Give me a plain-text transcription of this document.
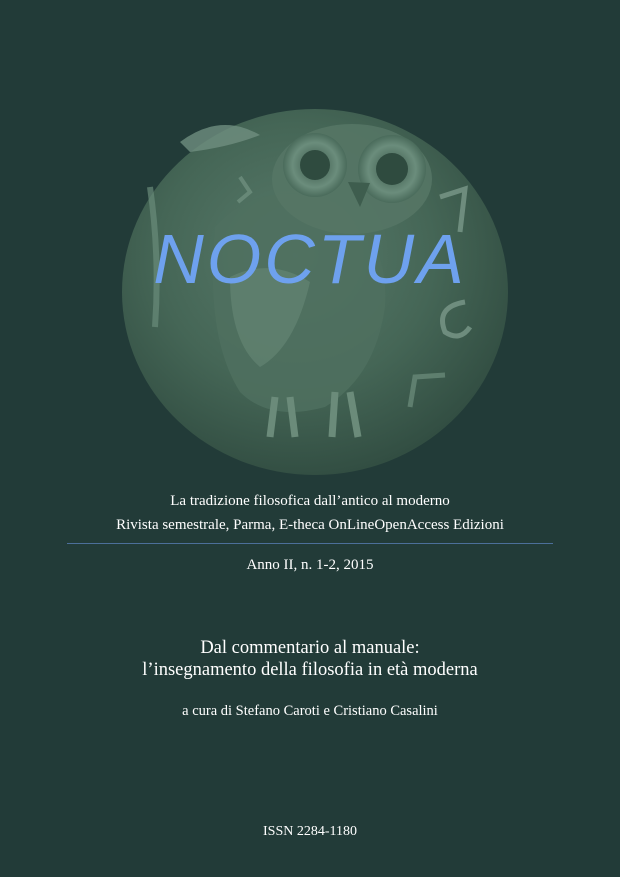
NOCTUA
La tradizione filosofica dall’antico al moderno
Rivista semestrale, Parma, E-theca OnLineOpenAccess Edizioni
Anno II, n. 1-2, 2015
Dal commentario al manuale:
l’insegnamento della filosofia in età moderna
a cura di Stefano Caroti e Cristiano Casalini
ISSN 2284-1180
